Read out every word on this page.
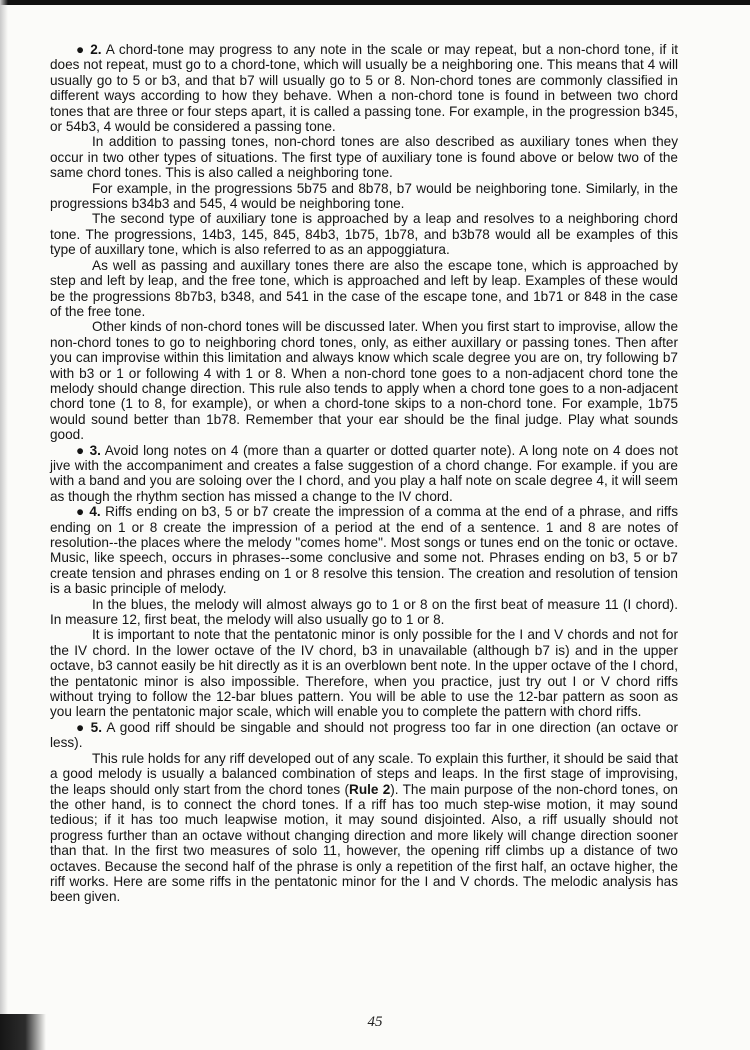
● 2. A chord-tone may progress to any note in the scale or may repeat, but a non-chord tone, if it does not repeat, must go to a chord-tone, which will usually be a neighboring one. This means that 4 will usually go to 5 or b3, and that b7 will usually go to 5 or 8. Non-chord tones are commonly classified in different ways according to how they behave. When a non-chord tone is found in between two chord tones that are three or four steps apart, it is called a passing tone. For example, in the progression b345, or 54b3, 4 would be considered a passing tone.

In addition to passing tones, non-chord tones are also described as auxiliary tones when they occur in two other types of situations. The first type of auxiliary tone is found above or below two of the same chord tones. This is also called a neighboring tone.

For example, in the progressions 5b75 and 8b78, b7 would be neighboring tone. Similarly, in the progressions b34b3 and 545, 4 would be neighboring tone.

The second type of auxiliary tone is approached by a leap and resolves to a neighboring chord tone. The progressions, 14b3, 145, 845, 84b3, 1b75, 1b78, and b3b78 would all be examples of this type of auxillary tone, which is also referred to as an appoggiatura.

As well as passing and auxillary tones there are also the escape tone, which is approached by step and left by leap, and the free tone, which is approached and left by leap. Examples of these would be the progressions 8b7b3, b348, and 541 in the case of the escape tone, and 1b71 or 848 in the case of the free tone.

Other kinds of non-chord tones will be discussed later. When you first start to improvise, allow the non-chord tones to go to neighboring chord tones, only, as either auxillary or passing tones. Then after you can improvise within this limitation and always know which scale degree you are on, try following b7 with b3 or 1 or following 4 with 1 or 8. When a non-chord tone goes to a non-adjacent chord tone the melody should change direction. This rule also tends to apply when a chord tone goes to a non-adjacent chord tone (1 to 8, for example), or when a chord-tone skips to a non-chord tone. For example, 1b75 would sound better than 1b78. Remember that your ear should be the final judge. Play what sounds good.

● 3. Avoid long notes on 4 (more than a quarter or dotted quarter note). A long note on 4 does not jive with the accompaniment and creates a false suggestion of a chord change. For example. if you are with a band and you are soloing over the I chord, and you play a half note on scale degree 4, it will seem as though the rhythm section has missed a change to the IV chord.

● 4. Riffs ending on b3, 5 or b7 create the impression of a comma at the end of a phrase, and riffs ending on 1 or 8 create the impression of a period at the end of a sentence. 1 and 8 are notes of resolution--the places where the melody "comes home". Most songs or tunes end on the tonic or octave. Music, like speech, occurs in phrases--some conclusive and some not. Phrases ending on b3, 5 or b7 create tension and phrases ending on 1 or 8 resolve this tension. The creation and resolution of tension is a basic principle of melody.

In the blues, the melody will almost always go to 1 or 8 on the first beat of measure 11 (I chord). In measure 12, first beat, the melody will also usually go to 1 or 8.

It is important to note that the pentatonic minor is only possible for the I and V chords and not for the IV chord. In the lower octave of the IV chord, b3 in unavailable (although b7 is) and in the upper octave, b3 cannot easily be hit directly as it is an overblown bent note. In the upper octave of the I chord, the pentatonic minor is also impossible. Therefore, when you practice, just try out I or V chord riffs without trying to follow the 12-bar blues pattern. You will be able to use the 12-bar pattern as soon as you learn the pentatonic major scale, which will enable you to complete the pattern with chord riffs.

● 5. A good riff should be singable and should not progress too far in one direction (an octave or less).

This rule holds for any riff developed out of any scale. To explain this further, it should be said that a good melody is usually a balanced combination of steps and leaps. In the first stage of improvising, the leaps should only start from the chord tones (Rule 2). The main purpose of the non-chord tones, on the other hand, is to connect the chord tones. If a riff has too much step-wise motion, it may sound tedious; if it has too much leapwise motion, it may sound disjointed. Also, a riff usually should not progress further than an octave without changing direction and more likely will change direction sooner than that. In the first two measures of solo 11, however, the opening riff climbs up a distance of two octaves. Because the second half of the phrase is only a repetition of the first half, an octave higher, the riff works. Here are some riffs in the pentatonic minor for the I and V chords. The melodic analysis has been given.

45
